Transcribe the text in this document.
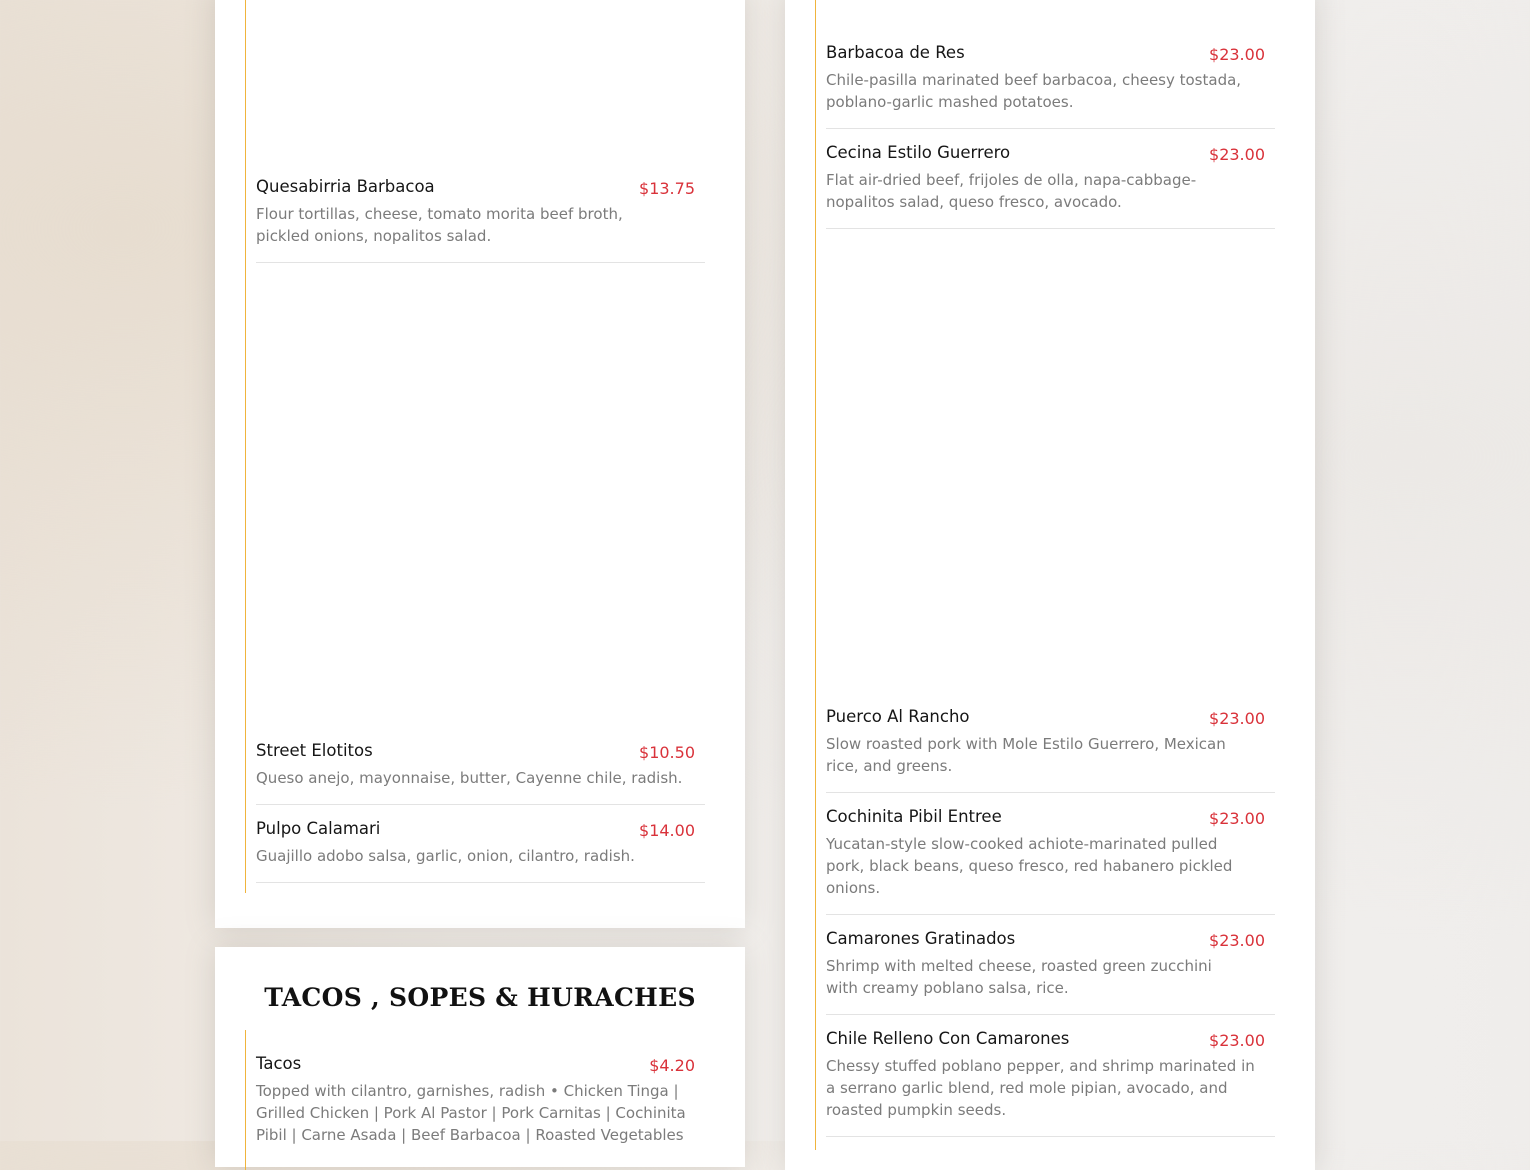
Quesabirria Barbacoa	$13.75
Flour tortillas, cheese, tomato morita beef broth, pickled onions, nopalitos salad.
Street Elotitos	$10.50
Queso anejo, mayonnaise, butter, Cayenne chile, radish.
Pulpo Calamari	$14.00
Guajillo adobo salsa, garlic, onion, cilantro, radish.
TACOS , SOPES & HURACHES
Tacos	$4.20
Topped with cilantro, garnishes, radish • Chicken Tinga | Grilled Chicken | Pork Al Pastor | Pork Carnitas | Cochinita Pibil | Carne Asada | Beef Barbacoa | Roasted Vegetables
Barbacoa de Res	$23.00
Chile-pasilla marinated beef barbacoa, cheesy tostada, poblano-garlic mashed potatoes.
Cecina Estilo Guerrero	$23.00
Flat air-dried beef, frijoles de olla, napa-cabbage-nopalitos salad, queso fresco, avocado.
Puerco Al Rancho	$23.00
Slow roasted pork with Mole Estilo Guerrero, Mexican rice, and greens.
Cochinita Pibil Entree	$23.00
Yucatan-style slow-cooked achiote-marinated pulled pork, black beans, queso fresco, red habanero pickled onions.
Camarones Gratinados	$23.00
Shrimp with melted cheese, roasted green zucchini with creamy poblano salsa, rice.
Chile Relleno Con Camarones	$23.00
Chessy stuffed poblano pepper, and shrimp marinated in a serrano garlic blend, red mole pipian, avocado, and roasted pumpkin seeds.
